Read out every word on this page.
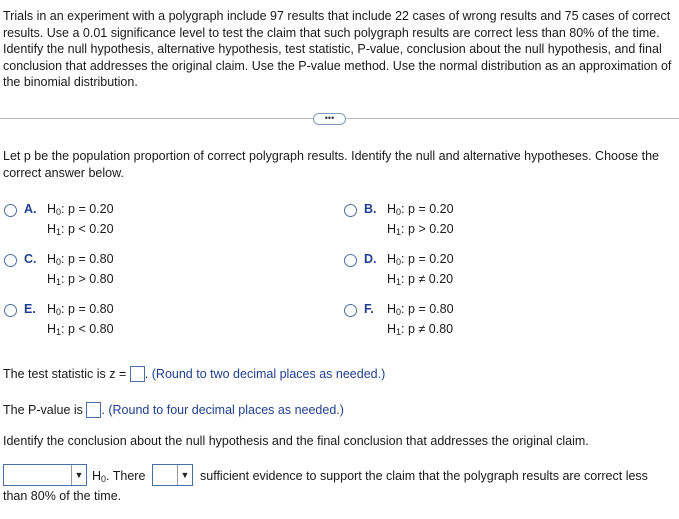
Trials in an experiment with a polygraph include 97 results that include 22 cases of wrong results and 75 cases of correct results. Use a 0.01 significance level to test the claim that such polygraph results are correct less than 80% of the time. Identify the null hypothesis, alternative hypothesis, test statistic, P-value, conclusion about the null hypothesis, and final conclusion that addresses the original claim. Use the P-value method. Use the normal distribution as an approximation of the binomial distribution.
•••
Let p be the population proportion of correct polygraph results. Identify the null and alternative hypotheses. Choose the correct answer below.
A. $H_0$: p = 0.20
$H_1$: p < 0.20
B. $H_0$: p = 0.20
$H_1$: p > 0.20
C. $H_0$: p = 0.80
$H_1$: p > 0.80
D. $H_0$: p = 0.20
$H_1$: p ≠ 0.20
E. $H_0$: p = 0.80
$H_1$: p < 0.80
F. $H_0$: p = 0.80
$H_1$: p ≠ 0.80
The test statistic is z = . (Round to two decimal places as needed.)
The P-value is . (Round to four decimal places as needed.)
Identify the conclusion about the null hypothesis and the final conclusion that addresses the original claim.
▼ $H_0$. There	▼ sufficient evidence to support the claim that the polygraph results are correct less
than 80% of the time.
